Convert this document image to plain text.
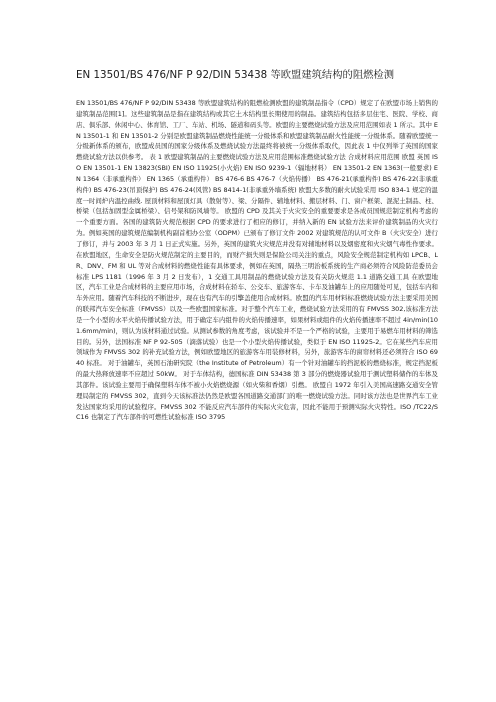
EN 13501/BS 476/NF P 92/DIN 53438 等欧盟建筑结构的阻燃检测

EN 13501/BS 476/NF P 92/DIN 53438 等欧盟建筑结构的阻燃检测欧盟的建筑制品指令（CPD）规定了在欧盟市场上销售的建筑制品范围[1]。这些建筑制品是指在建筑结构或其它土木结构里长期使用的制品。建筑结构包括多层住宅、医院、学校、商店、俱乐部、休闲中心、体育馆、工厂、车站、机场、隧道和码头等。欧盟的主要燃烧试验方法及应用范围如表 1 所示。其中 EN 13501-1 和 EN 13501-2 分别是欧盟建筑制品燃烧性能统一分级体系和欧盟建筑制品耐火性能统一分级体系。随着欧盟统一分级新体系的颁布，欧盟成员国的国家分级体系及燃烧试验方法最终将被统一分级体系取代，因此表 1 中仅列举了英国的国家燃烧试验方法以供参考。 表 1 欧盟建筑制品的主要燃烧试验方法及应用范围标准燃烧试验方法 合成材料应用范围 欧盟 英国 ISO EN 13501-1 EN 13823(SBI) EN ISO 11925(小火焰) EN ISO 9239-1（辐地材料） EN 13501-2 EN 1363(一般要求) EN 1364（非承重构件） EN 1365（承重构件） BS 476-6 BS 476-7（火焰传播） BS 476-21(承重构件) BS 476-22(非承重构件) BS 476-23(吊顶保护) BS 476-24(风管) BS 8414-1(非承重外墙系统) 欧盟大多数的耐火试验采用 ISO 834-1 规定的温度一时间炉内温控曲线. 屋顶材料和屋顶灯具（散射等）、梁、分隔件、辅地材料、搬层材料、门、窗户框架、混泥土制品、柱、桥梁（包括加固型金属桥梁）、信号架和防风墙等。 欧盟的 CPD 及其关于火灾安全的重要要求是各成员国规范制定机构考虑的一个重要方面。各国的建筑防火规范根据 CPD 的要求进行了相应的修订，并纳入新的 EN 试验方法来评价建筑制品的火灾行为。例如英国的建筑规范编制机构副首相办公室（ODPM）已颁布了修订文件 2002 对建筑规范的认可文件 B（火灾安全）进行了修订，并与 2003 年 3 月 1 日正式实施。另外，英国的建筑火灾规范并没有对辅地材料以及烟密度和火灾烟气毒性作要求。 在欧盟地区，生命安全是防火规范制定的主要目的，而财产损失则是保险公司关注的重点，风险安全规范制定机构如 LPCB、LR、DNV、FM 和 UL 等对合成材料的燃烧性能有具体要求，例如在英国，隔热三明治板系统的生产商必须符合风险防范委员会标准 LPS 1181（1996 年 3 月 2 日发布），1 交通工具用制品的燃烧试验方法及有关防火规范 1.1 道路交通工具 在欧盟地区，汽车工业是合成材料的主要应用市场，合成材料在轿车、公交车、旅游客车、卡车及油罐车上的应用随处可见，包括车内和车外应用。随着汽车科技的不断进步，现在也有汽车的引擎盖使用合成材料。欧盟的汽车用材料标准燃烧试验方法主要采用美国的联邦汽车安全标准（FMVSS）以及一些欧盟国家标准。对于整个汽车工业，燃烧试验方法采用的有 FMVSS 302,该标准方法是一个小型的水平火焰传播试验方法，用于确定车内组件的火焰传播速率，如果材料或组件的火焰传播速率不超过 4in/min(101.6mm/min)，则认为该材料通过试验。从测试参数的角度考虑，该试验并不是一个严格的试验，主要用于易燃车用材料的筛选目的。另外，法国标准 NF P 92-505（滴落试验）也是一个小型火焰传播试验，类似于 EN ISO 11925-2。它在某些汽车应用领域作为 FMVSS 302 的补充试验方法，例如欧盟地区的旅游客车用装修材料，另外，旅游客车的窗帘材料还必须符合 ISO 6940 标准。 对于油罐车，英国石油研究院（the Institute of Petroleum）有一个针对油罐车的挡泥板的燃烧标准，规定挡泥板的最大热释放速率不应超过 50kW。 对于车体结构，德国标准 DIN 53438 第 3 部分的燃烧器试验用于测试塑料储作的车体及其部件。该试验主要用于确保塑料车体不被小火焰燃烧源（如火柴和香烟）引燃。 欧盟自 1972 年引入美国高速路交通安全管理局制定的 FMVSS 302，直到今天该标准法仍然是欧盟各国道路交通部门的唯一燃烧试验方法。同时该方法也是世界汽车工业发达国家均采用的试验程序。FMVSS 302 不能反应汽车部件的实际火灾危害，因此不能用于预测实际火灾特性。ISO /TC22/SC16 也制定了汽车部件的可燃性试验标准 ISO 3795
